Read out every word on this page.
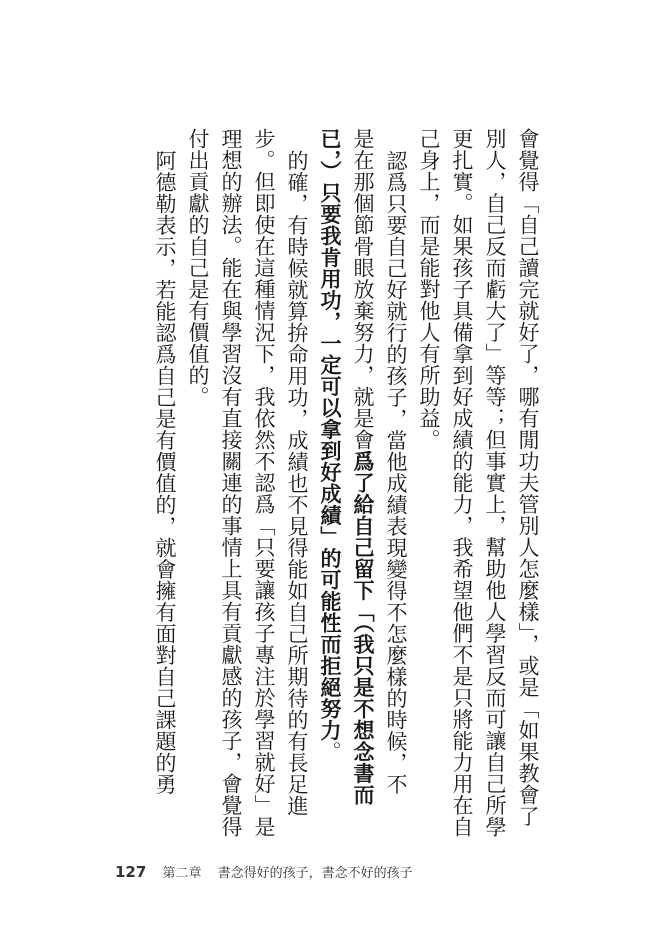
會覺得「自己讀完就好了，哪有閒功夫管別人怎麼樣」，或是「如果教會了
別人，自己反而虧大了」等等；但事實上，幫助他人學習反而可讓自己所學
更扎實。如果孩子具備拿到好成績的能力，我希望他們不是只將能力用在自
己身上，而是能對他人有所助益。
認爲只要自己好就行的孩子，當他成績表現變得不怎麼樣的時候，不
是在那個節骨眼放棄努力，就是會爲了給自己留下「（我只是不想念書而
已，）只要我肯用功，一定可以拿到好成績」的可能性而拒絕努力。
的確，有時候就算拚命用功，成績也不見得能如自己所期待的有長足進
步。但即使在這種情況下，我依然不認爲「只要讓孩子專注於學習就好」是
理想的辦法。能在與學習沒有直接關連的事情上具有貢獻感的孩子，會覺得
付出貢獻的自己是有價值的。
阿德勒表示，若能認爲自己是有價值的，就會擁有面對自己課題的勇
127 第二章 書念得好的孩子，書念不好的孩子
